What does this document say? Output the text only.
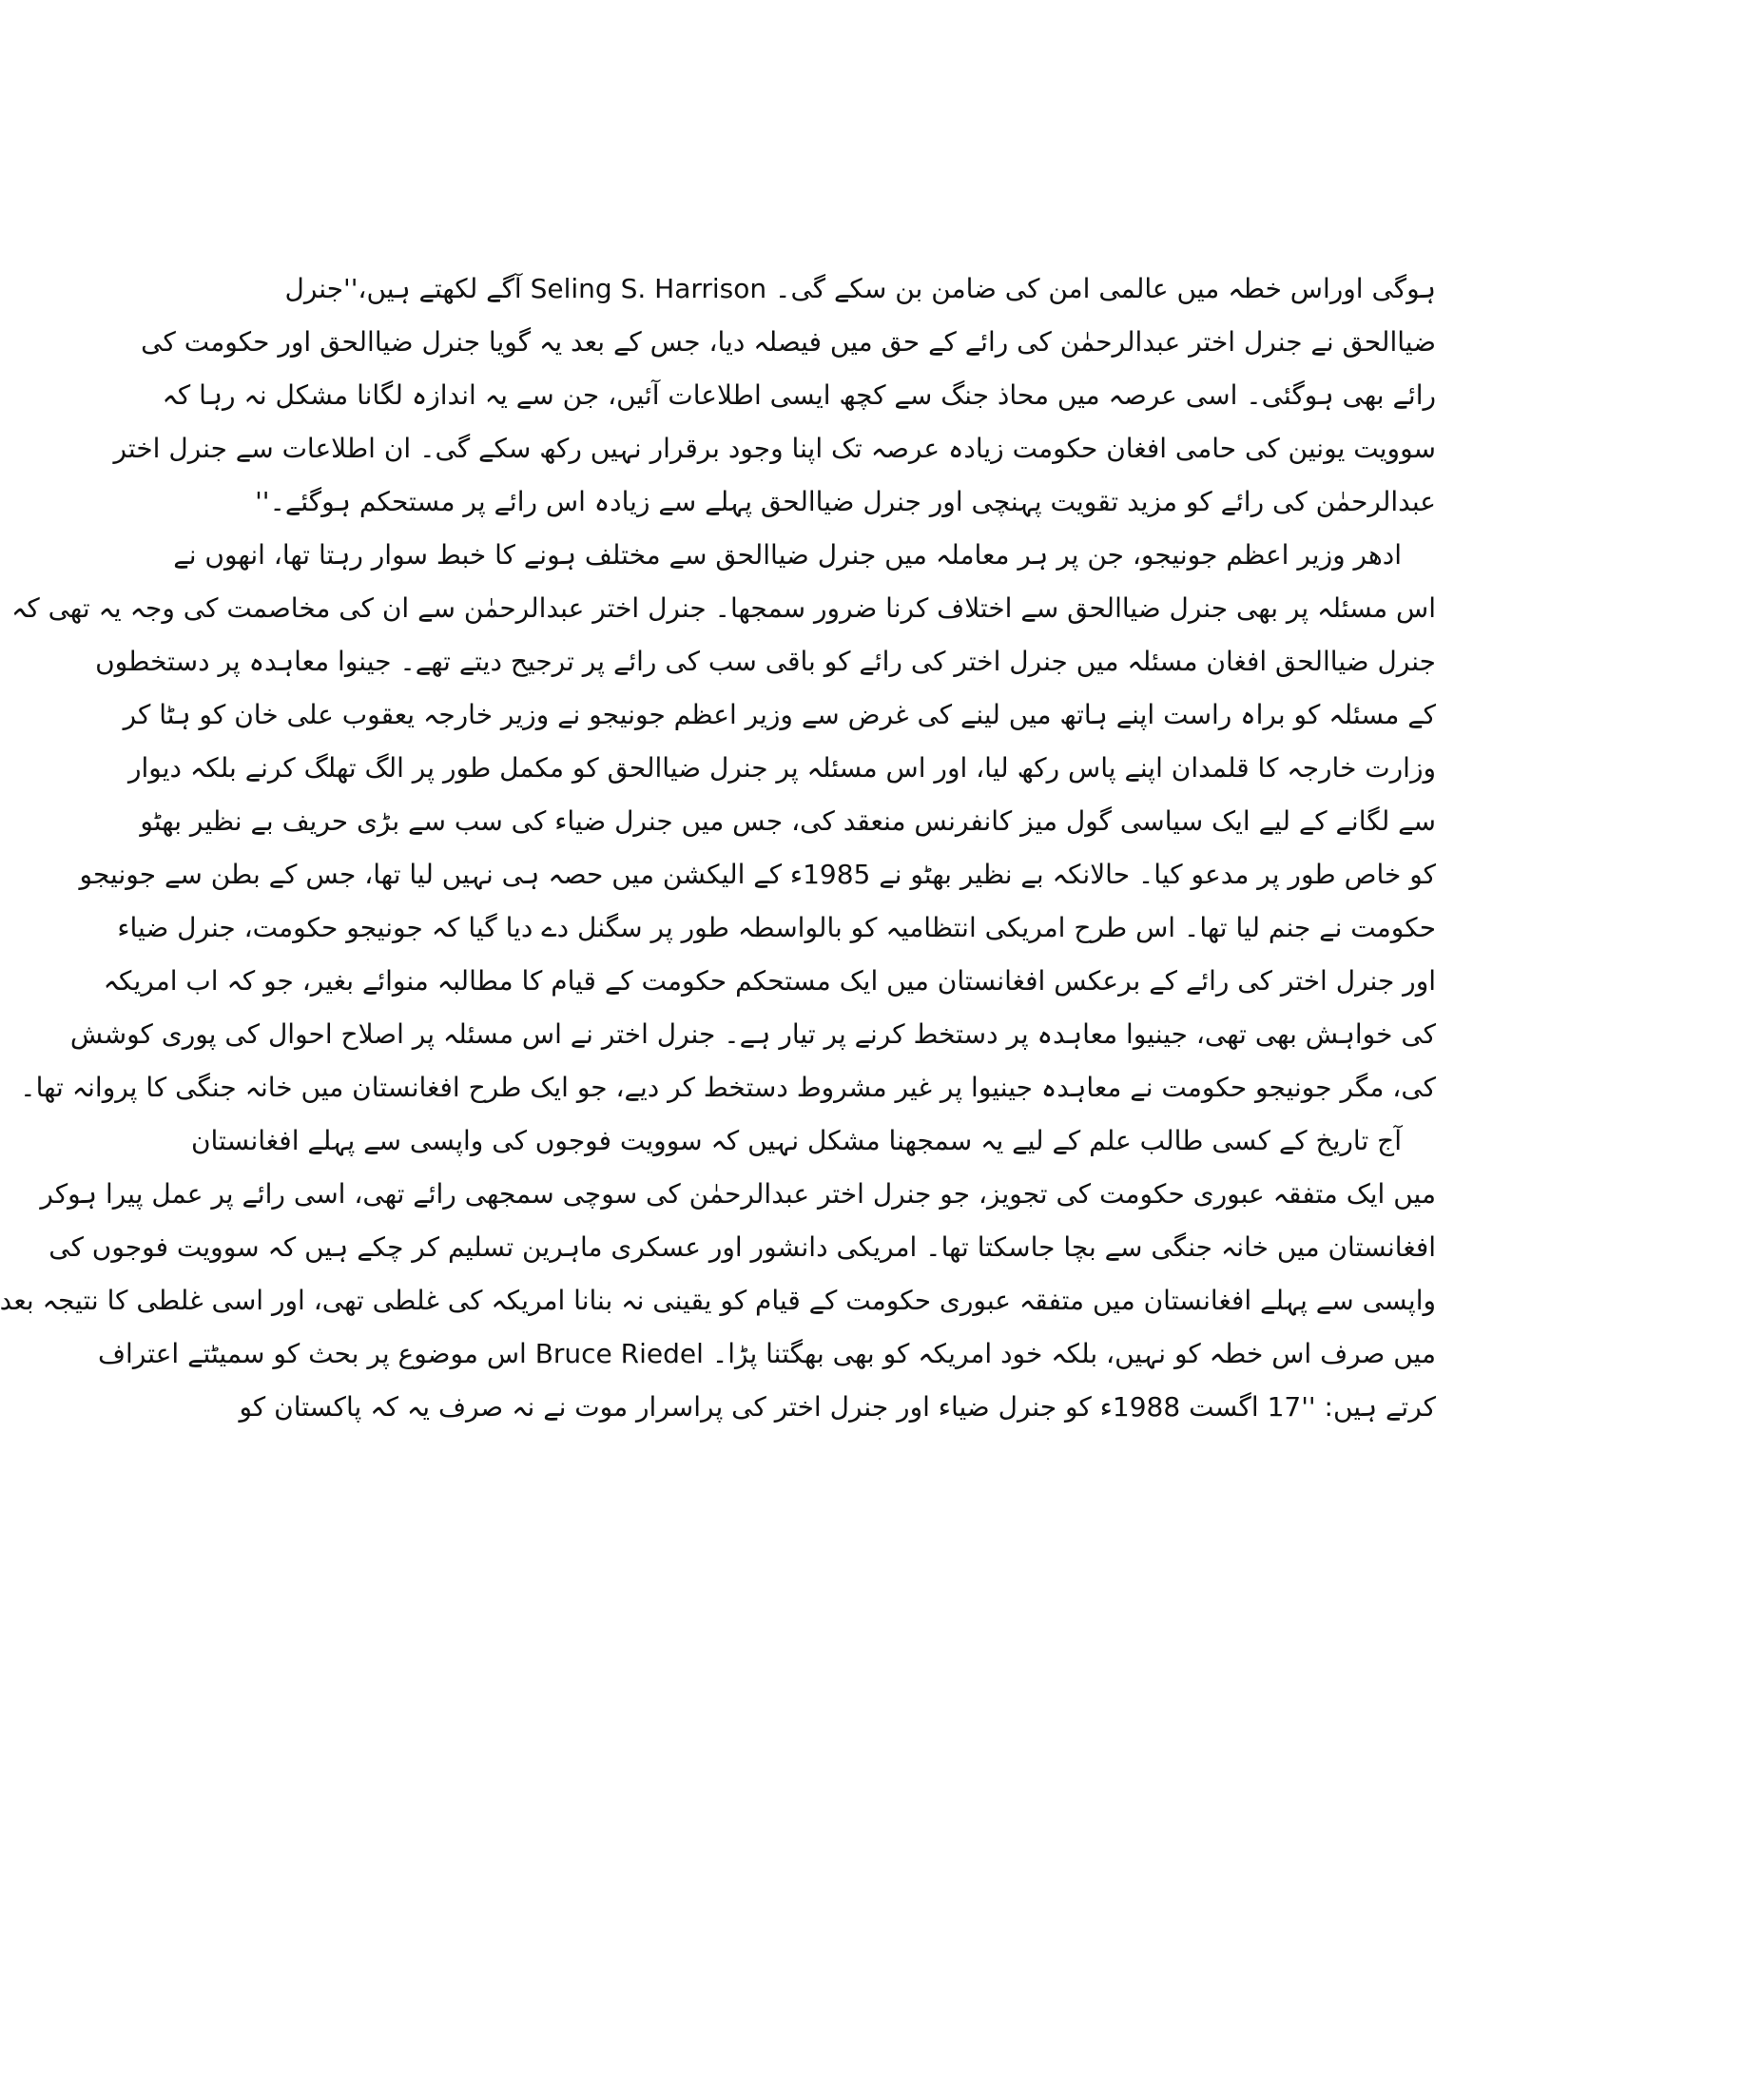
ہوگی اوراس خطہ میں عالمی امن کی ضامن بن سکے گی۔ Seling S. Harrison آگے لکھتے ہیں،''جنرل
ضیاالحق نے جنرل اختر عبدالرحمٰن کی رائے کے حق میں فیصلہ دیا، جس کے بعد یہ گویا جنرل ضیاالحق اور حکومت کی
رائے بھی ہوگئی۔ اسی عرصہ میں محاذ جنگ سے کچھ ایسی اطلاعات آئیں، جن سے یہ اندازہ لگانا مشکل نہ رہا کہ
سوویت یونین کی حامی افغان حکومت زیادہ عرصہ تک اپنا وجود برقرار نہیں رکھ سکے گی۔ ان اطلاعات سے جنرل اختر
عبدالرحمٰن کی رائے کو مزید تقویت پہنچی اور جنرل ضیاالحق پہلے سے زیادہ اس رائے پر مستحکم ہوگئے۔''
ادھر وزیر اعظم جونیجو، جن پر ہر معاملہ میں جنرل ضیاالحق سے مختلف ہونے کا خبط سوار رہتا تھا، انھوں نے
اس مسئلہ پر بھی جنرل ضیاالحق سے اختلاف کرنا ضرور سمجھا۔ جنرل اختر عبدالرحمٰن سے ان کی مخاصمت کی وجہ یہ تھی کہ
جنرل ضیاالحق افغان مسئلہ میں جنرل اختر کی رائے کو باقی سب کی رائے پر ترجیح دیتے تھے۔ جینوا معاہدہ پر دستخطوں
کے مسئلہ کو براہ راست اپنے ہاتھ میں لینے کی غرض سے وزیر اعظم جونیجو نے وزیر خارجہ یعقوب علی خان کو ہٹا کر
وزارت خارجہ کا قلمدان اپنے پاس رکھ لیا، اور اس مسئلہ پر جنرل ضیاالحق کو مکمل طور پر الگ تھلگ کرنے بلکہ دیوار
سے لگانے کے لیے ایک سیاسی گول میز کانفرنس منعقد کی، جس میں جنرل ضیاء کی سب سے بڑی حریف بے نظیر بھٹو
کو خاص طور پر مدعو کیا۔ حالانکہ بے نظیر بھٹو نے 1985ء کے الیکشن میں حصہ ہی نہیں لیا تھا، جس کے بطن سے جونیجو
حکومت نے جنم لیا تھا۔ اس طرح امریکی انتظامیہ کو بالواسطہ طور پر سگنل دے دیا گیا کہ جونیجو حکومت، جنرل ضیاء
اور جنرل اختر کی رائے کے برعکس افغانستان میں ایک مستحکم حکومت کے قیام کا مطالبہ منوائے بغیر، جو کہ اب امریکہ
کی خواہش بھی تھی، جینیوا معاہدہ پر دستخط کرنے پر تیار ہے۔ جنرل اختر نے اس مسئلہ پر اصلاح احوال کی پوری کوشش
کی، مگر جونیجو حکومت نے معاہدہ جینیوا پر غیر مشروط دستخط کر دیے، جو ایک طرح افغانستان میں خانہ جنگی کا پروانہ تھا۔
آج تاریخ کے کسی طالب علم کے لیے یہ سمجھنا مشکل نہیں کہ سوویت فوجوں کی واپسی سے پہلے افغانستان
میں ایک متفقہ عبوری حکومت کی تجویز، جو جنرل اختر عبدالرحمٰن کی سوچی سمجھی رائے تھی، اسی رائے پر عمل پیرا ہوکر
افغانستان میں خانہ جنگی سے بچا جاسکتا تھا۔ امریکی دانشور اور عسکری ماہرین تسلیم کر چکے ہیں کہ سوویت فوجوں کی
واپسی سے پہلے افغانستان میں متفقہ عبوری حکومت کے قیام کو یقینی نہ بنانا امریکہ کی غلطی تھی، اور اسی غلطی کا نتیجہ بعد
میں صرف اس خطہ کو نہیں، بلکہ خود امریکہ کو بھی بھگتنا پڑا۔ Bruce Riedel اس موضوع پر بحث کو سمیٹتے اعتراف
کرتے ہیں: ''17 اگست 1988ء کو جنرل ضیاء اور جنرل اختر کی پراسرار موت نے نہ صرف یہ کہ پاکستان کو
